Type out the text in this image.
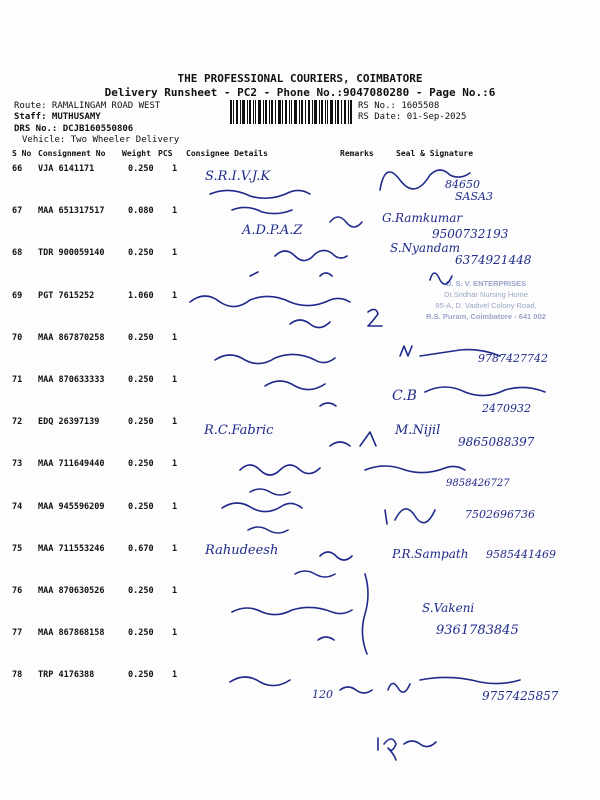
THE PROFESSIONAL COURIERS, COIMBATORE
Delivery Runsheet - PC2 - Phone No.:9047080280 - Page No.:6
Route: RAMALINGAM ROAD WEST
Staff: MUTHUSAMY
DRS No.: DCJB160550806
Vehicle: Two Wheeler Delivery
RS No.: 1605508
RS Date: 01-Sep-2025
S No Consignment No Weight PCS Consignee Details	Remarks	Seal & Signature
66 VJA 6141171	0.250 1
67 MAA 651317517	0.080 1
68 TDR 900059140	0.250 1
69 PGT 7615252	1.060 1
70 MAA 867870258	0.250 1
71 MAA 870633333	0.250 1
72 EDQ 26397139	0.250 1
73 MAA 711649440	0.250 1
74 MAA 945596209	0.250 1
75 MAA 711553246	0.670 1
76 MAA 870630526	0.250 1
77 MAA 867868158	0.250 1
78 TRP 4176388	0.250 1
D. S. V. ENTERPRISES
Dr.Sridhar Nursing Home
95-A, D. Vadivel Colony Road,
R.S. Puram, Coimbatore - 641 002
S.R.I.V.J.K
84650
SASA3
A.D.P.A.Z
G.Ramkumar
9500732193
S.Nyandam
6374921448
9787427742
C.B
2470932
R.C.Fabric	M.Nijil
9865088397
9858426727
7502696736
Rahudeesh	P.R.Sampath 9585441469
S.Vakeni
9361783845
120	9757425857
